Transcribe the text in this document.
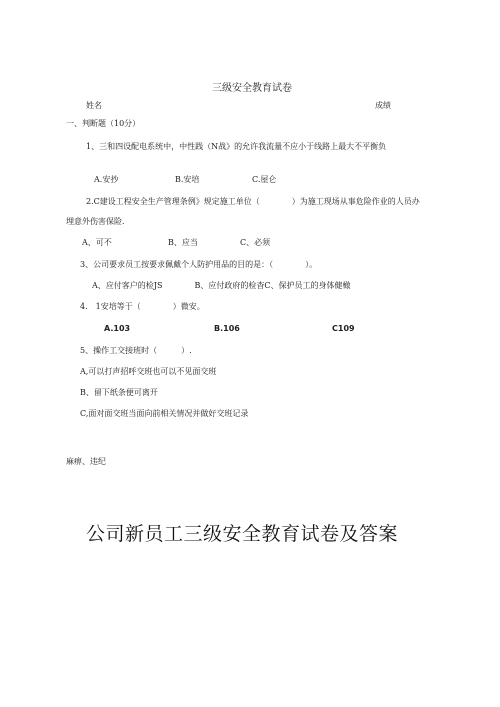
三级安全教育试卷
姓名	成绩
一、判断题（10分）
1、三和四设配电系统中，中性践（N战》的允许我流量不应小于线路上最大不平衡负
A.安抄	B.安培	C.屋仑
2.C建设工程安全生产管理条例》规定施工单位（　　　　）为施工现场从事危险作业的人员办
埋意外伤害保险.
A、可不	B、应当	C、必须
3、公司要求员工按要求佩戴个人防护用品的目的是：（　　　　）。
A、应付客户的检JS　　　　B、应付政府的检杳C、保护员工的身体健橄
4.　1安培等于（　　　　）微安。
A.103	B.106	C109
5、操作工交接班时（　　　）.
A,可以打声招呼交班也可以不见面交班
B、留下纸条便可离开
C,面对面交班当面向前相关情况并做好交班记录
麻痹、违纪
公司新员工三级安全教育试卷及答案
